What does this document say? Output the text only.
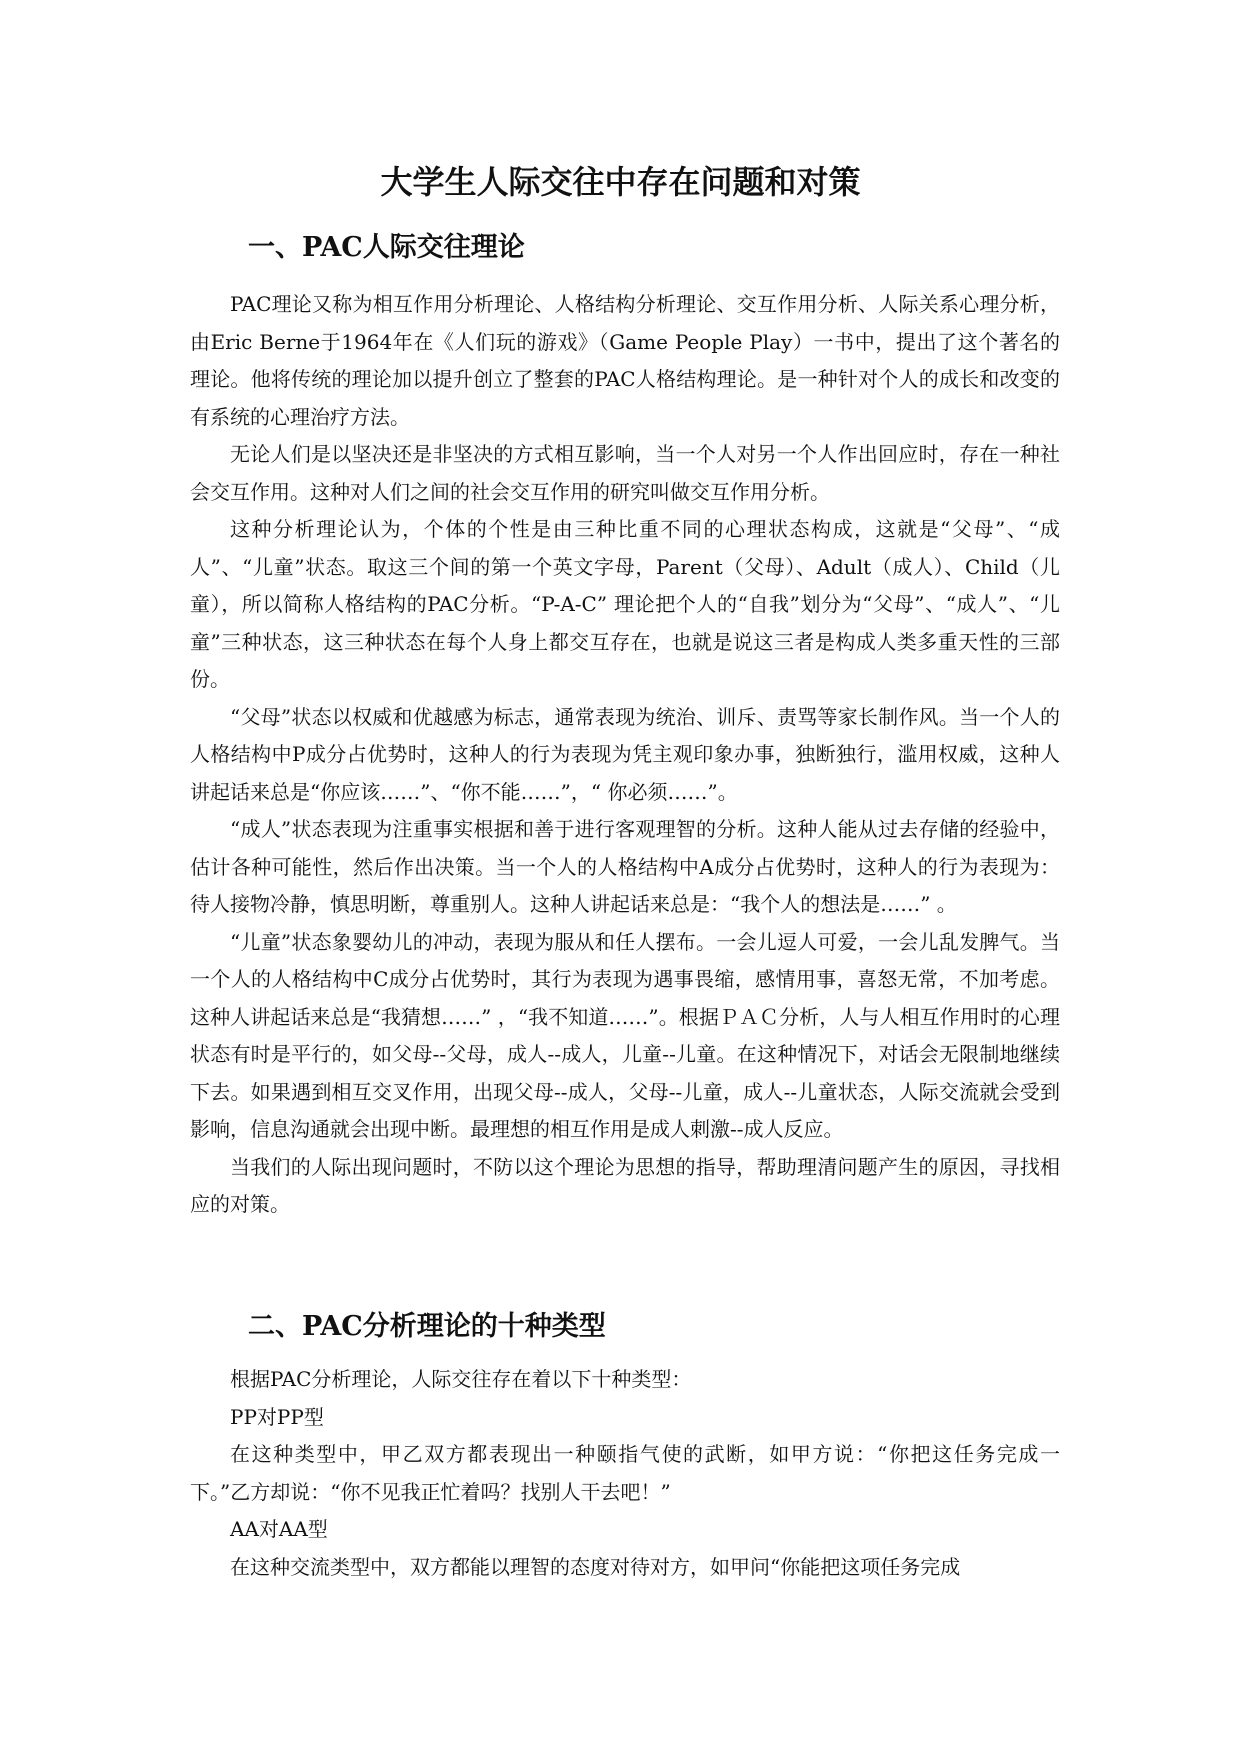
大学生人际交往中存在问题和对策
一、PAC人际交往理论

PAC理论又称为相互作用分析理论、人格结构分析理论、交互作用分析、人际关系心理分析，由Eric Berne于1964年在《人们玩的游戏》（Game People Play）一书中，提出了这个著名的理论。他将传统的理论加以提升创立了整套的PAC人格结构理论。是一种针对个人的成长和改变的有系统的心理治疗方法。

无论人们是以坚决还是非坚决的方式相互影响，当一个人对另一个人作出回应时，存在一种社会交互作用。这种对人们之间的社会交互作用的研究叫做交互作用分析。

这种分析理论认为，个体的个性是由三种比重不同的心理状态构成，这就是“父母”、“成人”、“儿童”状态。取这三个间的第一个英文字母，Parent（父母）、Adult（成人）、Child（儿童），所以简称人格结构的PAC分析。“P-A-C” 理论把个人的“自我”划分为“父母”、“成人”、“儿童”三种状态，这三种状态在每个人身上都交互存在，也就是说这三者是构成人类多重天性的三部份。

“父母”状态以权威和优越感为标志，通常表现为统治、训斥、责骂等家长制作风。当一个人的人格结构中P成分占优势时，这种人的行为表现为凭主观印象办事，独断独行，滥用权威，这种人讲起话来总是“你应该……”、“你不能……”，“ 你必须……”。

“成人”状态表现为注重事实根据和善于进行客观理智的分析。这种人能从过去存储的经验中，估计各种可能性，然后作出决策。当一个人的人格结构中A成分占优势时，这种人的行为表现为：待人接物冷静，慎思明断，尊重别人。这种人讲起话来总是：“我个人的想法是……” 。

“儿童”状态象婴幼儿的冲动，表现为服从和任人摆布。一会儿逗人可爱，一会儿乱发脾气。当一个人的人格结构中C成分占优势时，其行为表现为遇事畏缩，感情用事，喜怒无常，不加考虑。这种人讲起话来总是“我猜想……” ，“我不知道……”。根据ＰＡＣ分析，人与人相互作用时的心理状态有时是平行的，如父母--父母，成人--成人，儿童--儿童。在这种情况下，对话会无限制地继续下去。如果遇到相互交叉作用，出现父母--成人，父母--儿童，成人--儿童状态，人际交流就会受到影响，信息沟通就会出现中断。最理想的相互作用是成人刺激--成人反应。

当我们的人际出现问题时，不防以这个理论为思想的指导，帮助理清问题产生的原因，寻找相应的对策。

二、PAC分析理论的十种类型

根据PAC分析理论，人际交往存在着以下十种类型：

PP对PP型

在这种类型中，甲乙双方都表现出一种颐指气使的武断，如甲方说：“你把这任务完成一下。”乙方却说：“你不见我正忙着吗？找别人干去吧！”

AA对AA型

在这种交流类型中，双方都能以理智的态度对待对方，如甲问“你能把这项任务完成
